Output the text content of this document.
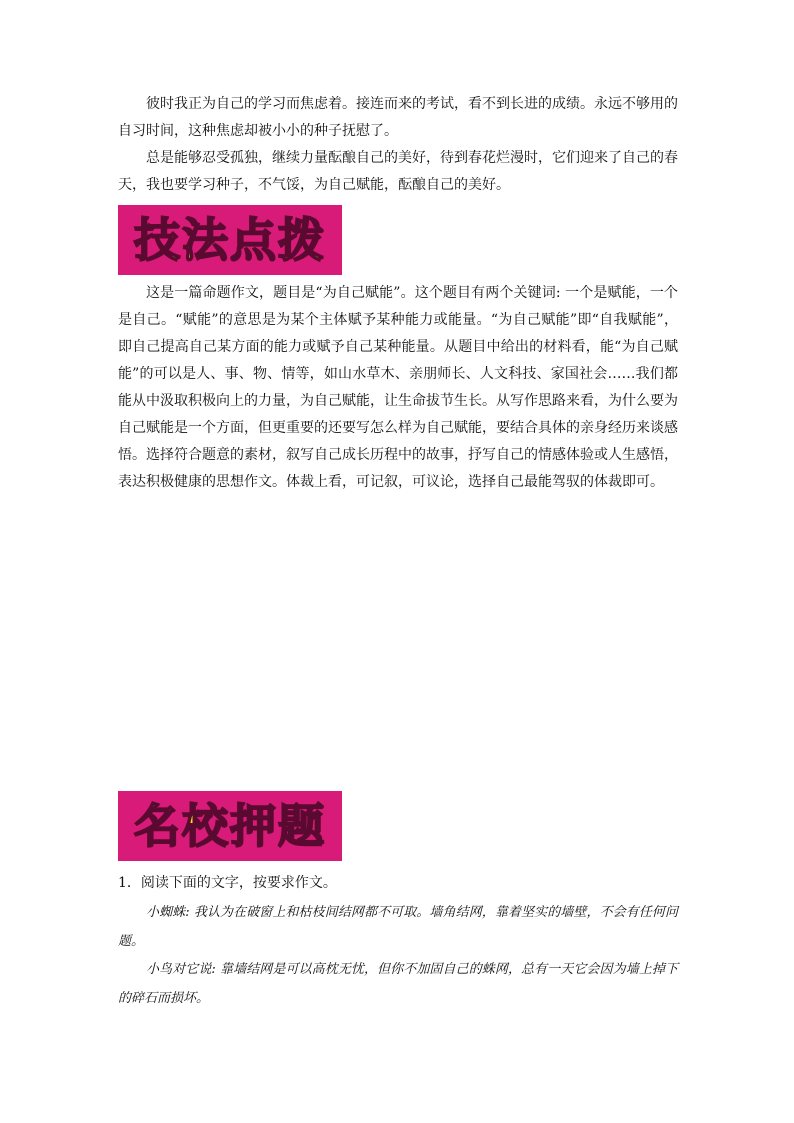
彼时我正为自己的学习而焦虑着。接连而来的考试，看不到长进的成绩。永远不够用的自习时间，这种焦虑却被小小的种子抚慰了。

总是能够忍受孤独，继续力量酝酿自己的美好，待到春花烂漫时，它们迎来了自己的春天，我也要学习种子，不气馁，为自己赋能，酝酿自己的美好。

技法点拨

这是一篇命题作文，题目是“为自己赋能”。这个题目有两个关键词: 一个是赋能，一个是自己。“赋能”的意思是为某个主体赋予某种能力或能量。“为自己赋能”即“自我赋能”，即自己提高自己某方面的能力或赋予自己某种能量。从题目中给出的材料看，能“为自己赋能”的可以是人、事、物、情等，如山水草木、亲朋师长、人文科技、家国社会……我们都能从中汲取积极向上的力量，为自己赋能，让生命拔节生长。从写作思路来看，为什么要为自己赋能是一个方面，但更重要的还要写怎么样为自己赋能，要结合具体的亲身经历来谈感悟。选择符合题意的素材，叙写自己成长历程中的故事，抒写自己的情感体验或人生感悟，表达积极健康的思想作文。体裁上看，可记叙，可议论，选择自己最能驾驭的体裁即可。

名校押题

1．阅读下面的文字，按要求作文。

小蜘蛛: 我认为在破窗上和枯枝间结网都不可取。墙角结网，靠着坚实的墙壁，不会有任何问题。

小鸟对它说: 靠墙结网是可以高枕无忧，但你不加固自己的蛛网，总有一天它会因为墙上掉下的碎石而损坏。
